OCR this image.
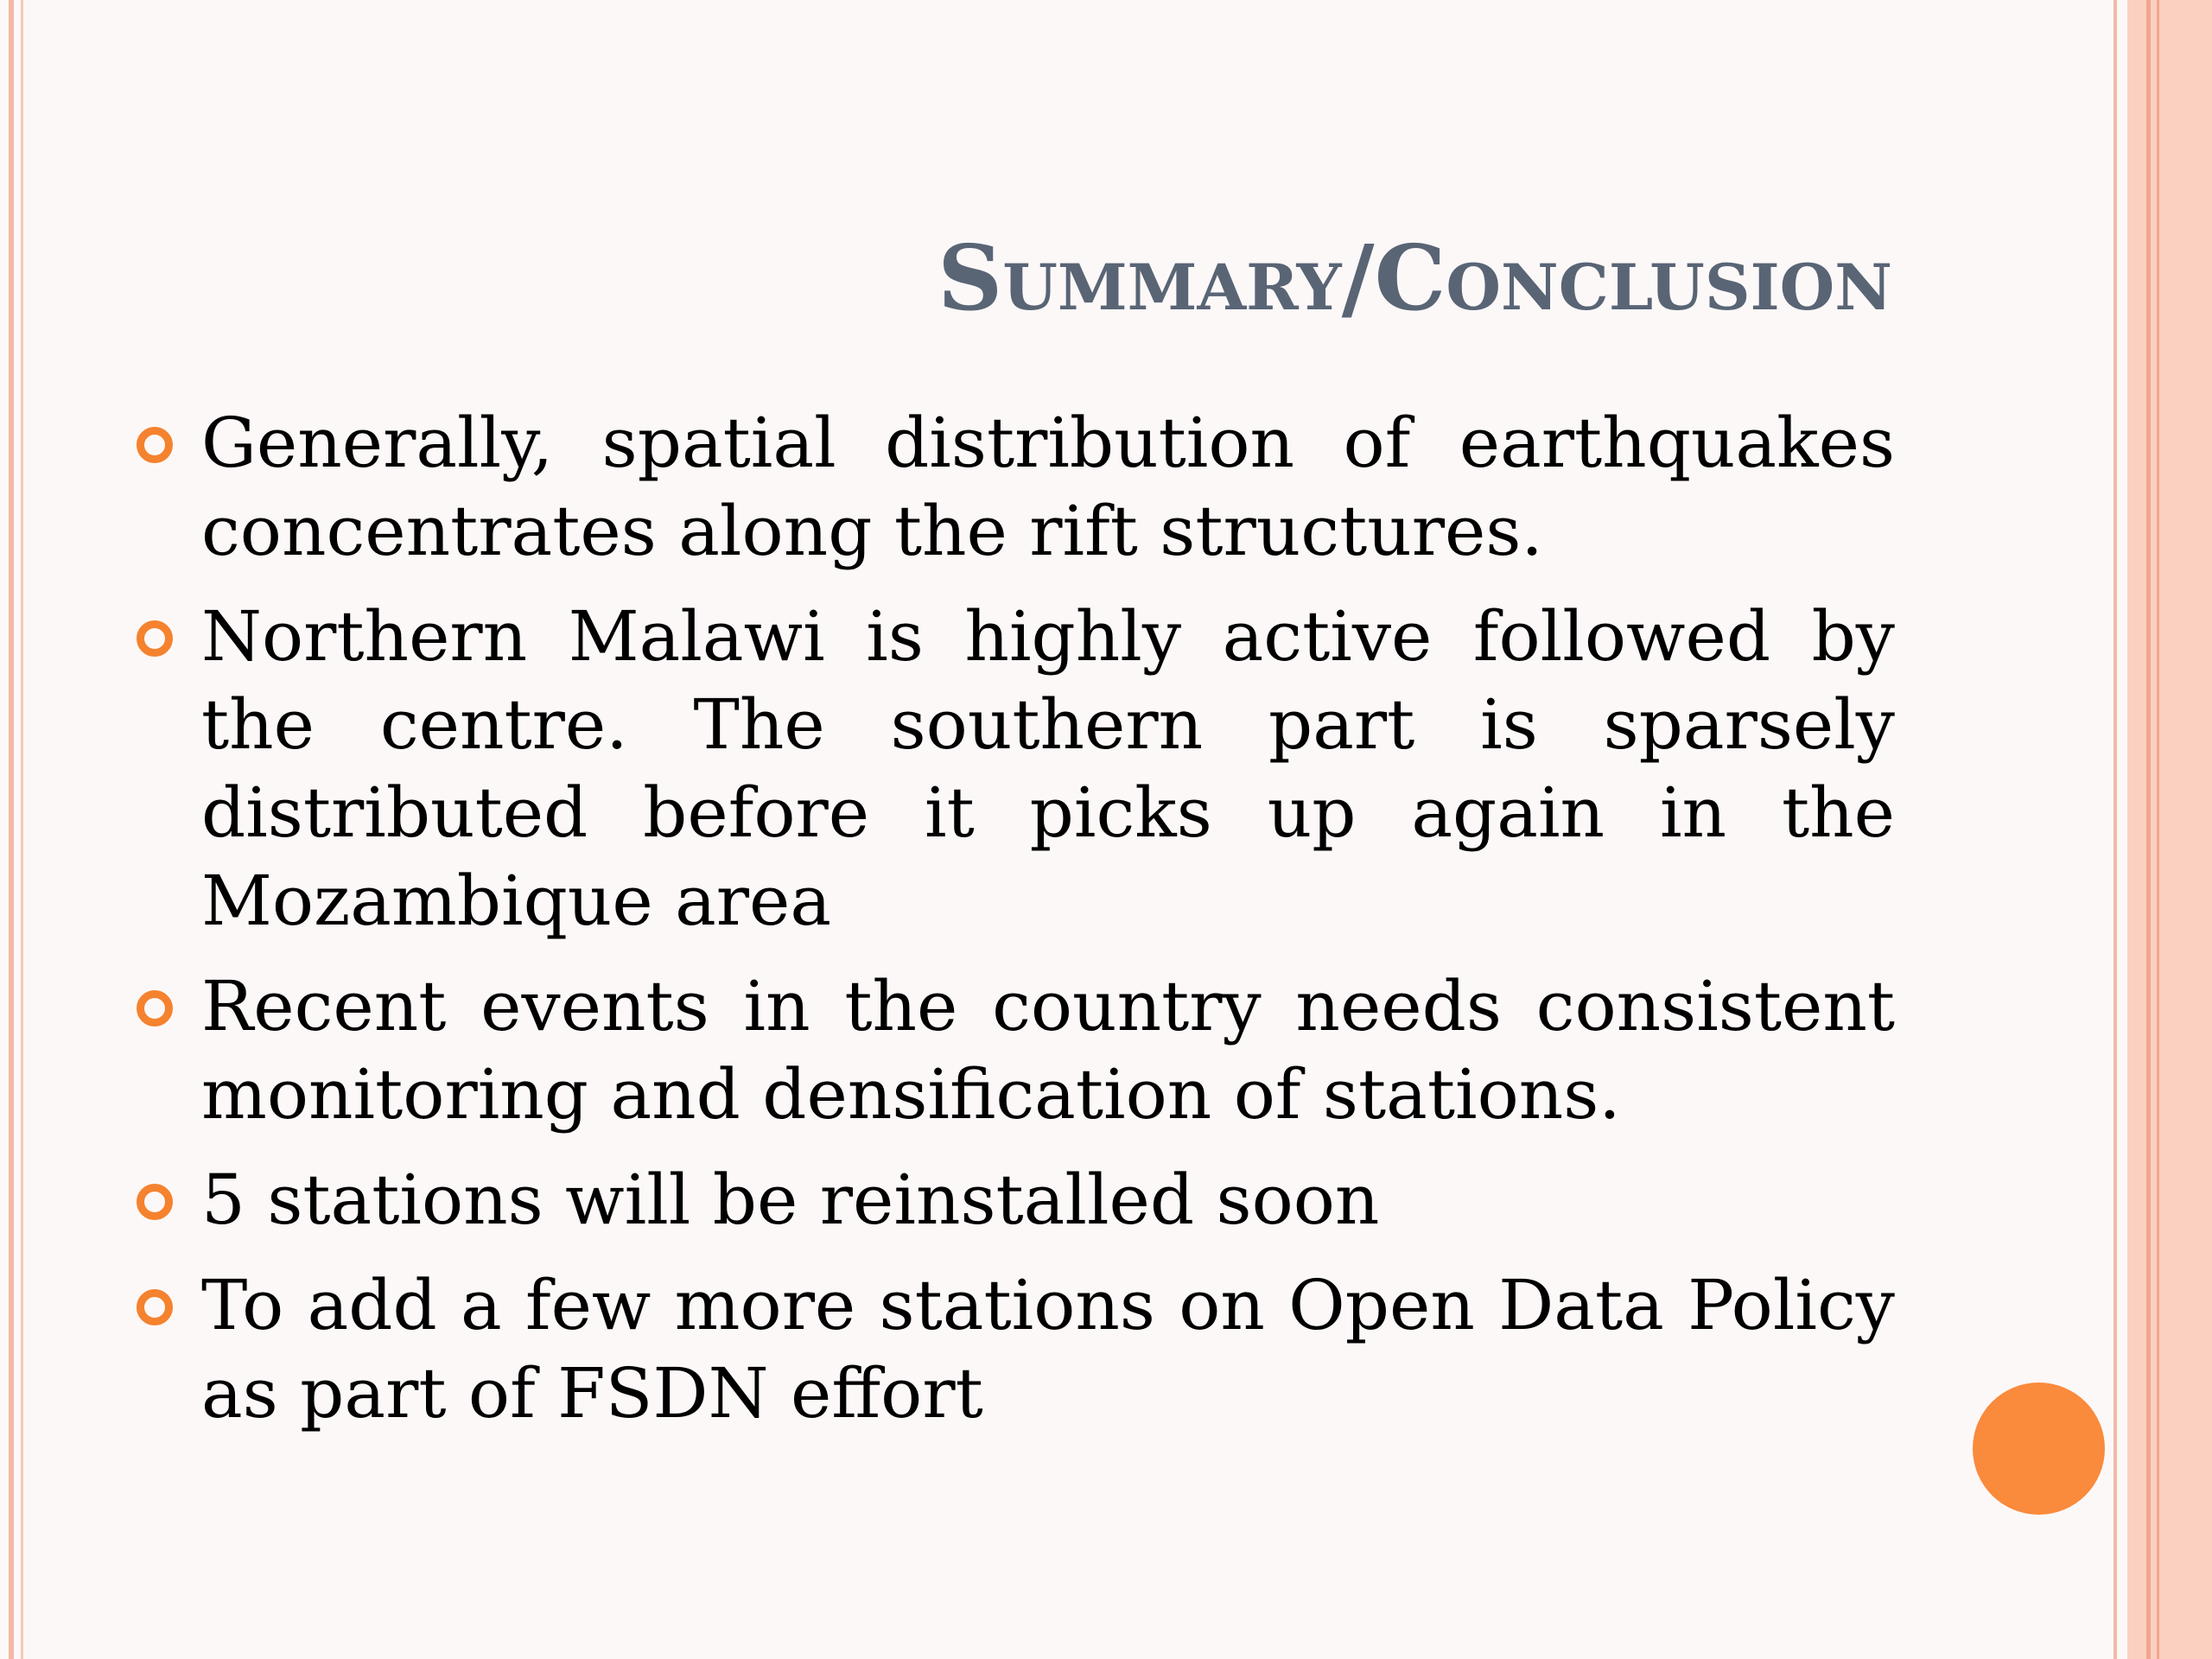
Summary/Conclusion
Generally, spatial distribution of earthquakes concentrates along the rift structures.
Northern Malawi is highly active followed by the centre. The southern part is sparsely distributed before it picks up again in the Mozambique area
Recent events in the country needs consistent monitoring and densification of stations.
5 stations will be reinstalled soon
To add a few more stations on Open Data Policy as part of FSDN effort
